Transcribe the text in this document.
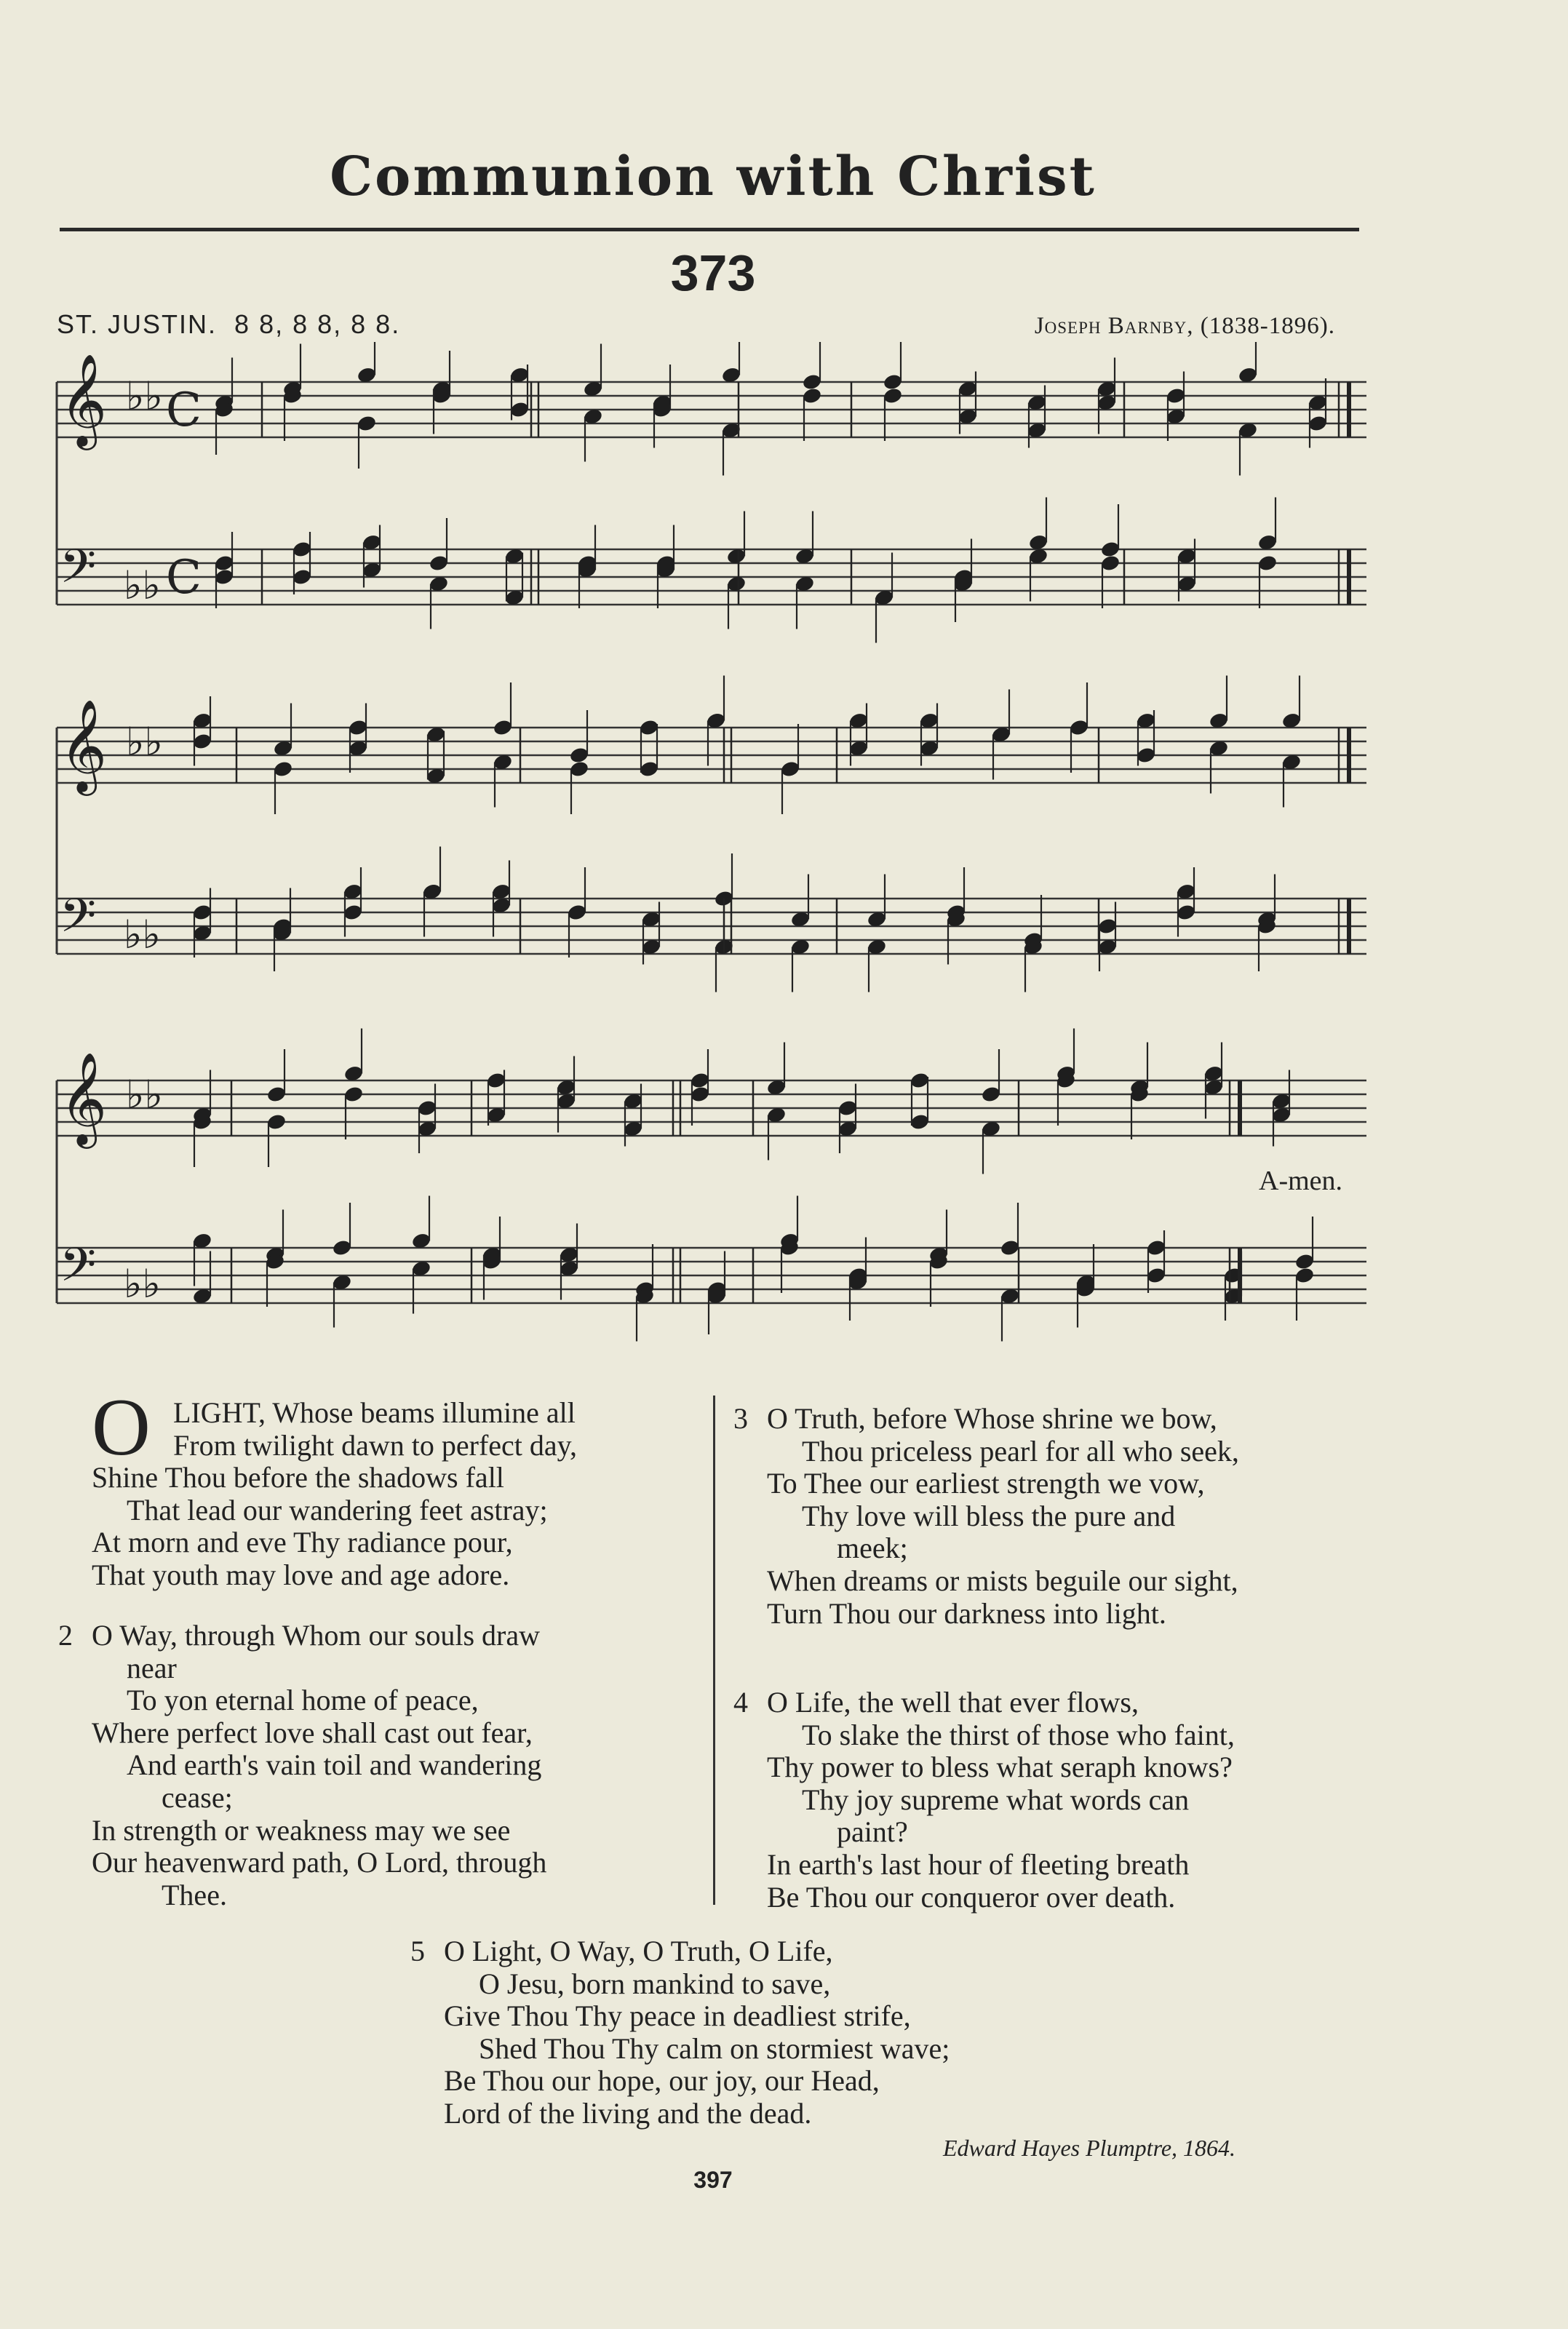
Communion with Christ
373
ST. JUSTIN. 8 8, 8 8, 8 8.	Joseph Barnby, (1838-1896).
𝄞 ♭♭ C
𝄢 ♭♭ C
𝄞 ♭♭
𝄢 ♭♭
𝄞 ♭♭
𝄢 ♭♭
A-men.
O LIGHT, Whose beams illumine all
From twilight dawn to perfect day,
Shine Thou before the shadows fall
That lead our wandering feet astray;
At morn and eve Thy radiance pour,
That youth may love and age adore.
2 O Way, through Whom our souls draw
near
To yon eternal home of peace,
Where perfect love shall cast out fear,
And earth's vain toil and wandering
cease;
In strength or weakness may we see
Our heavenward path, O Lord, through
Thee.
3 O Truth, before Whose shrine we bow,
Thou priceless pearl for all who seek,
To Thee our earliest strength we vow,
Thy love will bless the pure and
meek;
When dreams or mists beguile our sight,
Turn Thou our darkness into light.
4 O Life, the well that ever flows,
To slake the thirst of those who faint,
Thy power to bless what seraph knows?
Thy joy supreme what words can
paint?
In earth's last hour of fleeting breath
Be Thou our conqueror over death.
5 O Light, O Way, O Truth, O Life,
O Jesu, born mankind to save,
Give Thou Thy peace in deadliest strife,
Shed Thou Thy calm on stormiest wave;
Be Thou our hope, our joy, our Head,
Lord of the living and the dead.
Edward Hayes Plumptre, 1864.
397
